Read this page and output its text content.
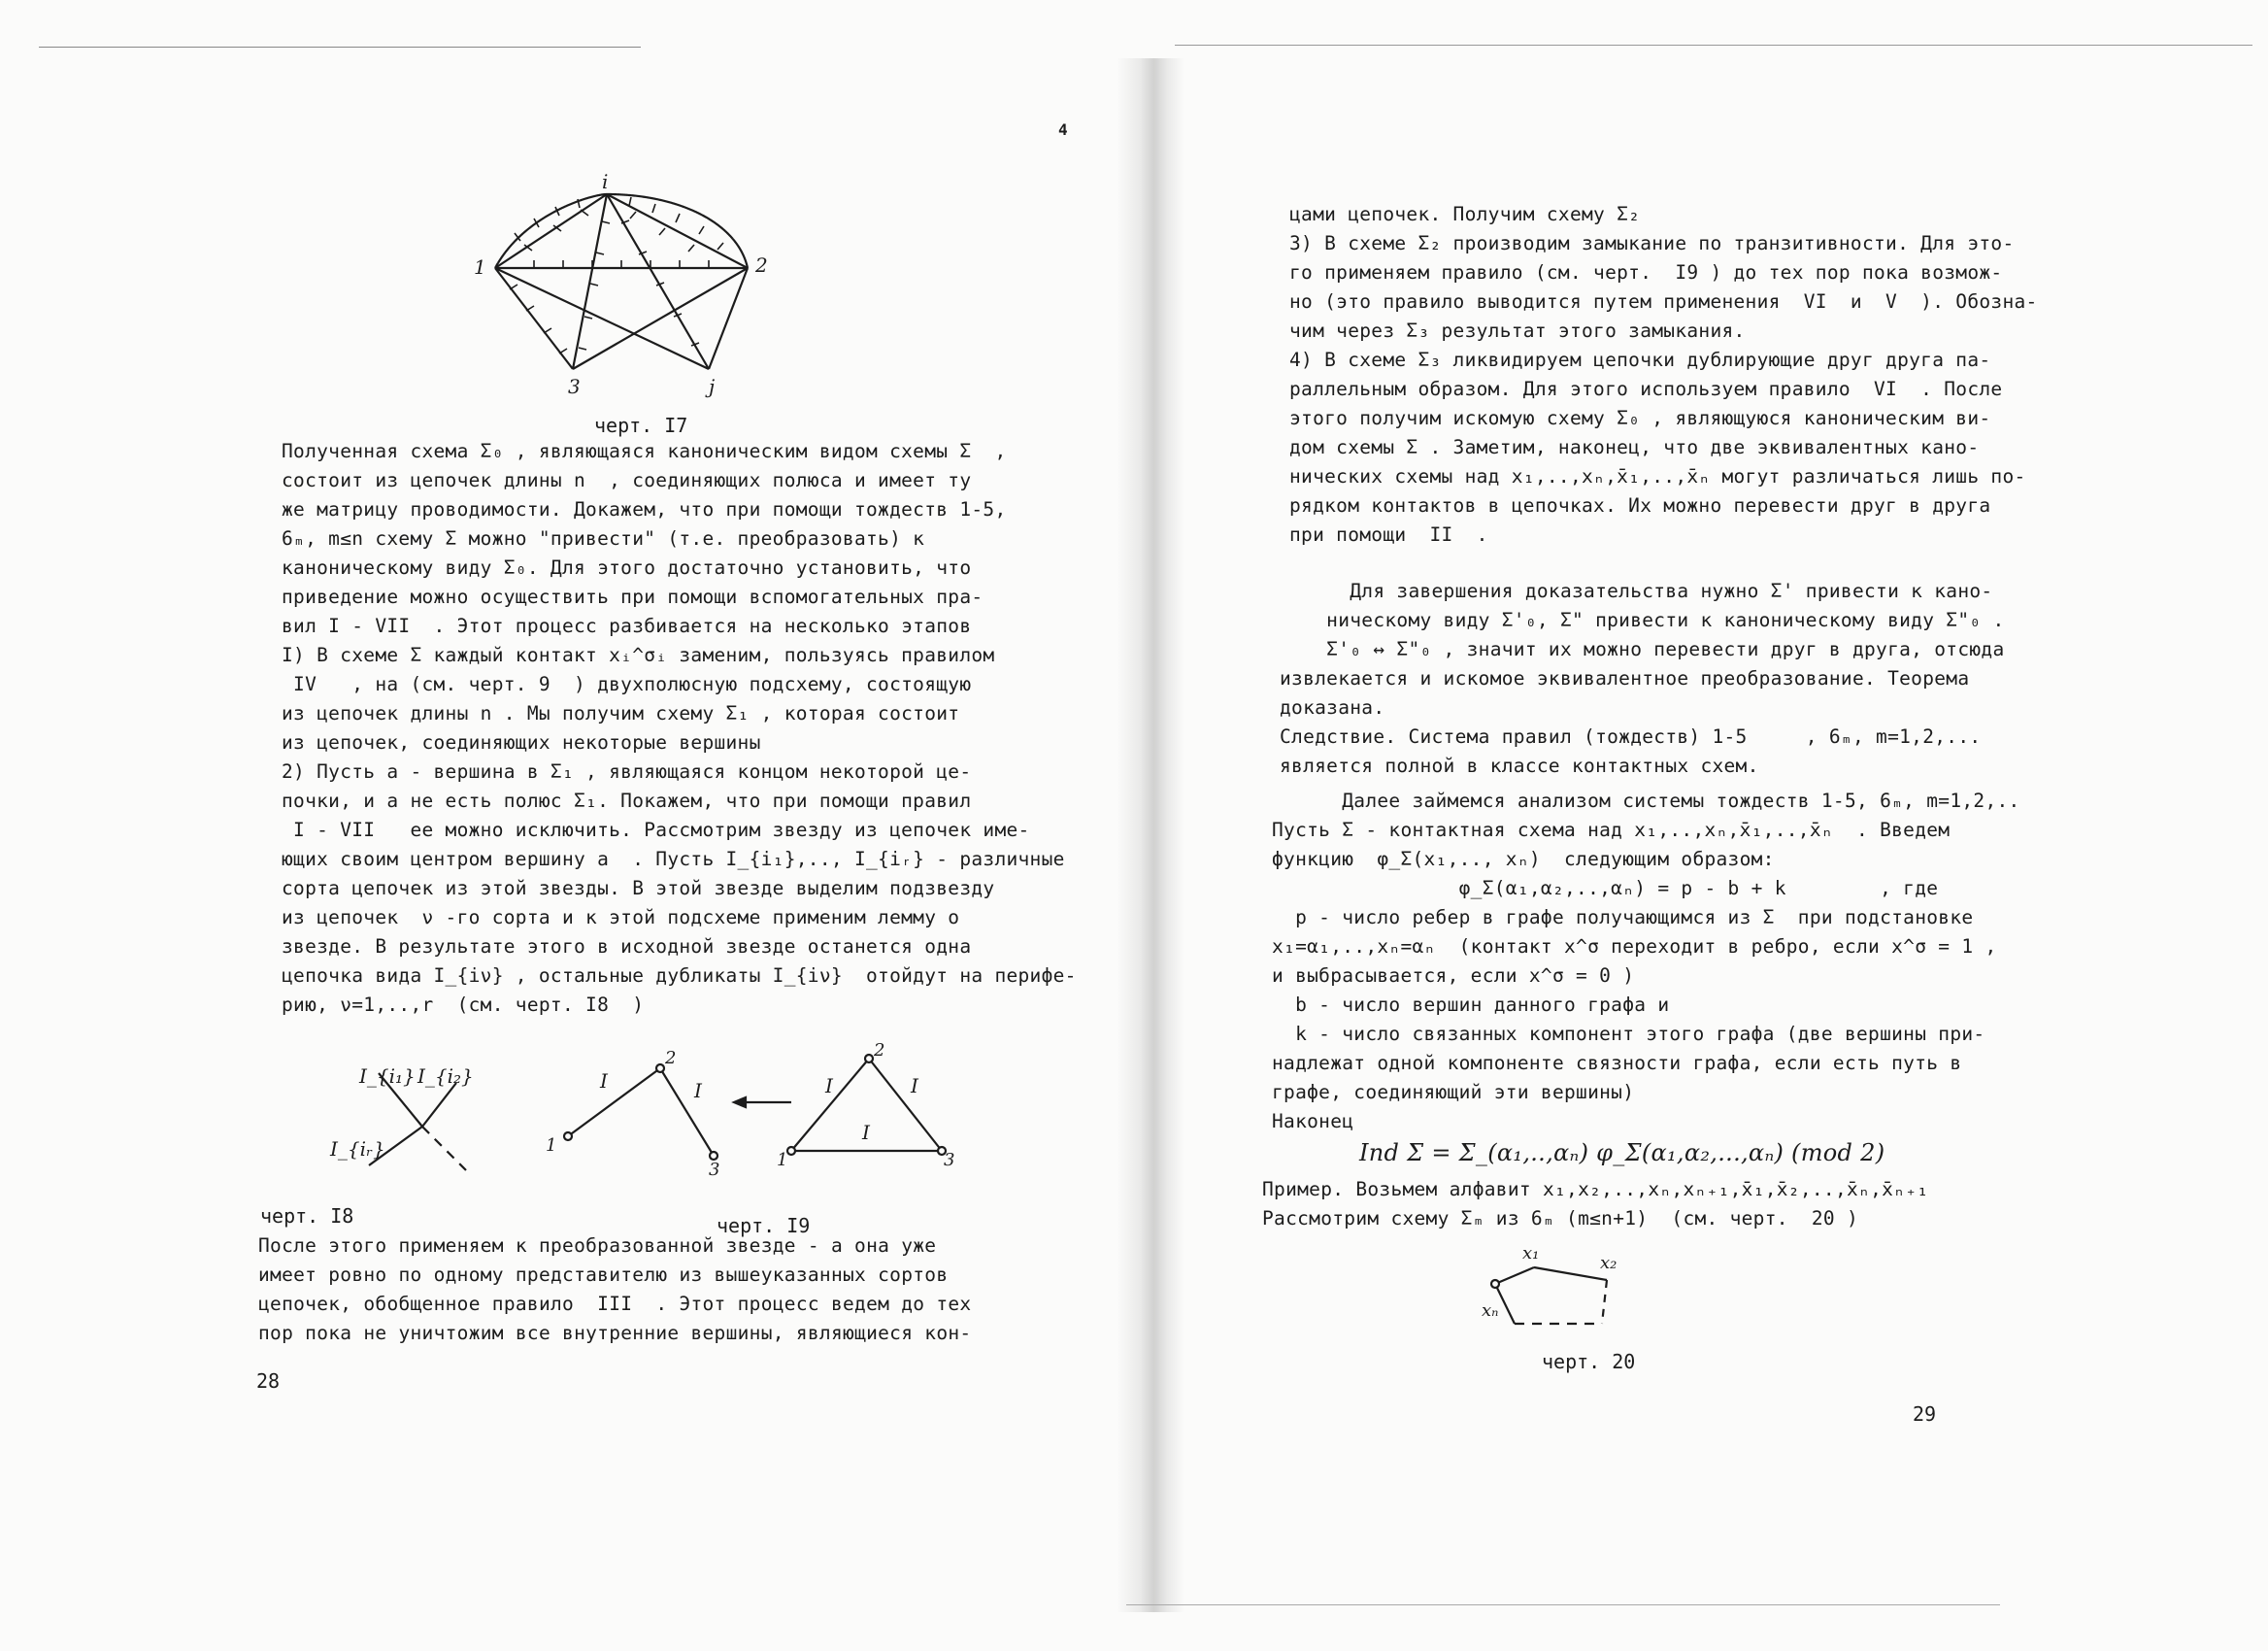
i
1	2
3	j
черт. I7
Полученная схема Σ₀ , являющаяся каноническим видом схемы Σ  ,
состоит из цепочек длины n  , соединяющих полюса и имеет ту
же матрицу проводимости. Докажем, что при помощи тождеств 1-5,
6ₘ, m≤n схему Σ можно "привести" (т.е. преобразовать) к
каноническому виду Σ₀. Для этого достаточно установить, что
приведение можно осуществить при помощи вспомогательных пра-
вил I - VII  . Этот процесс разбивается на несколько этапов
I) В схеме Σ каждый контакт xᵢ^σᵢ заменим, пользуясь правилом
IV   , на (см. черт. 9  ) двухполюсную подсхему, состоящую
из цепочек длины n . Мы получим схему Σ₁ , которая состоит
из цепочек, соединяющих некоторые вершины
2) Пусть a - вершина в Σ₁ , являющаяся концом некоторой це-
почки, и a не есть полюс Σ₁. Покажем, что при помощи правил
I - VII   ее можно исключить. Рассмотрим звезду из цепочек име-
ющих своим центром вершину a  . Пусть I_{i₁},.., I_{iᵣ} - различные
сорта цепочек из этой звезды. В этой звезде выделим подзвезду
из цепочек  ν -го сорта и к этой подсхеме применим лемму о
звезде. В результате этого в исходной звезде останется одна
цепочка вида I_{iν} , остальные дубликаты I_{iν}  отойдут на перифе-
рию, ν=1,..,r  (см. черт. I8  )
I_{i₁} I_{i₂}
I_{iᵣ}
черт. I8
I	I
1
2
3
I	I
I
1
2
3
черт. I9
После этого применяем к преобразованной звезде - а она уже
имеет ровно по одному представителю из вышеуказанных сортов
цепочек, обобщенное правило  III  . Этот процесс ведем до тех
пор пока не уничтожим все внутренние вершины, являющиеся кон-
28
4
цами цепочек. Получим схему Σ₂
3) В схеме Σ₂ производим замыкание по транзитивности. Для это-
го применяем правило (см. черт.  I9 ) до тех пор пока возмож-
но (это правило выводится путем применения  VI  и  V  ). Обозна-
чим через Σ₃ результат этого замыкания.
4) В схеме Σ₃ ликвидируем цепочки дублирующие друг друга па-
раллельным образом. Для этого используем правило  VI  . После
этого получим искомую схему Σ₀ , являющуюся каноническим ви-
дом схемы Σ . Заметим, наконец, что две эквивалентных кано-
нических схемы над x₁,..,xₙ,x̄₁,..,x̄ₙ могут различаться лишь по-
рядком контактов в цепочках. Их можно перевести друг в друга
при помощи  II  .
Для завершения доказательства нужно Σ' привести к кано-
ническому виду Σ'₀, Σ" привести к каноническому виду Σ"₀ .
Σ'₀ ↔ Σ"₀ , значит их можно перевести друг в друга, отсюда
извлекается и искомое эквивалентное преобразование. Теорема
доказана.
Следствие. Система правил (тождеств) 1-5     , 6ₘ, m=1,2,...
является полной в классе контактных схем.
Далее займемся анализом системы тождеств 1-5, 6ₘ, m=1,2,..
Пусть Σ - контактная схема над x₁,..,xₙ,x̄₁,..,x̄ₙ  . Введем
функцию  φ_Σ(x₁,.., xₙ)  следующим образом:
φ_Σ(α₁,α₂,..,αₙ) = p - b + k        , где
p - число ребер в графе получающимся из Σ  при подстановке
x₁=α₁,..,xₙ=αₙ  (контакт x^σ переходит в ребро, если x^σ = 1 ,
и выбрасывается, если x^σ = 0 )
b - число вершин данного графа и
k - число связанных компонент этого графа (две вершины при-
надлежат одной компоненте связности графа, если есть путь в
графе, соединяющий эти вершины)
Наконец
Ind Σ = Σ_(α₁,..,αₙ) φ_Σ(α₁,α₂,...,αₙ) (mod 2)
Пример. Возьмем алфавит x₁,x₂,..,xₙ,xₙ₊₁,x̄₁,x̄₂,..,x̄ₙ,x̄ₙ₊₁
Рассмотрим схему Σₘ из 6ₘ (m≤n+1)  (см. черт.  20 )
x₁	x₂
xₙ
черт. 20
29
